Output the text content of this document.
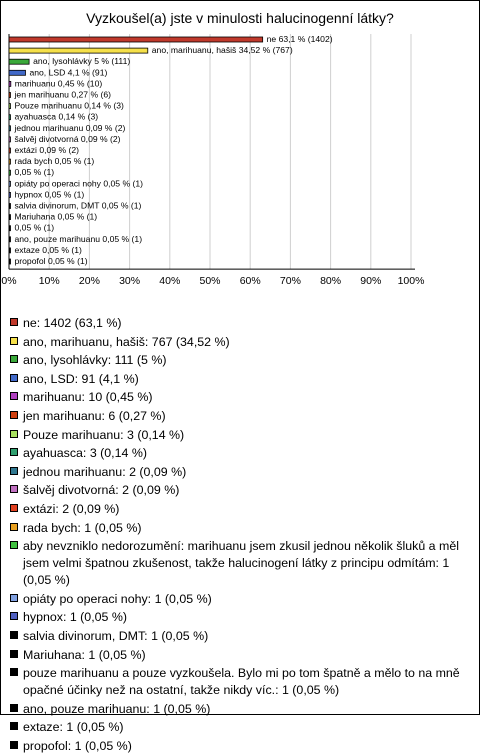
Vyzkoušel(a) jste v minulosti halucinogenní látky?
0% 10% 20% 30% 40% 50% 60% 70% 80% 90% 100%
ne 63,1 % (1402)
ano, marihuanu, hašiš 34,52 % (767)
ano, lysohlávky 5 % (111)
ano, LSD 4,1 % (91)
marihuanu 0,45 % (10)
jen marihuanu 0,27 % (6)
Pouze marihuanu 0,14 % (3)
ayahuasca 0,14 % (3)
jednou marihuanu 0,09 % (2)
šalvěj divotvorná 0,09 % (2)
extázi 0,09 % (2)
rada bych 0,05 % (1)
0,05 % (1)
opiáty po operaci nohy 0,05 % (1)
hypnox 0,05 % (1)
salvia divinorum, DMT 0,05 % (1)
Mariuhana 0,05 % (1)
0,05 % (1)
ano, pouze marihuanu 0,05 % (1)
extaze 0,05 % (1)
propofol 0,05 % (1)
ne: 1402 (63,1 %)
ano, marihuanu, hašiš: 767 (34,52 %)
ano, lysohlávky: 111 (5 %)
ano, LSD: 91 (4,1 %)
marihuanu: 10 (0,45 %)
jen marihuanu: 6 (0,27 %)
Pouze marihuanu: 3 (0,14 %)
ayahuasca: 3 (0,14 %)
jednou marihuanu: 2 (0,09 %)
šalvěj divotvorná: 2 (0,09 %)
extázi: 2 (0,09 %)
rada bych: 1 (0,05 %)
aby nevzniklo nedorozumění: marihuanu jsem zkusil jednou několik šluků a měl jsem velmi špatnou zkušenost, takže halucinogení látky z principu odmítám: 1 (0,05 %)
opiáty po operaci nohy: 1 (0,05 %)
hypnox: 1 (0,05 %)
salvia divinorum, DMT: 1 (0,05 %)
Mariuhana: 1 (0,05 %)
pouze marihuanu a pouze vyzkoušela. Bylo mi po tom špatně a mělo to na mně opačné účinky než na ostatní, takže nikdy víc.: 1 (0,05 %)
ano, pouze marihuanu: 1 (0,05 %)
extaze: 1 (0,05 %)
propofol: 1 (0,05 %)
